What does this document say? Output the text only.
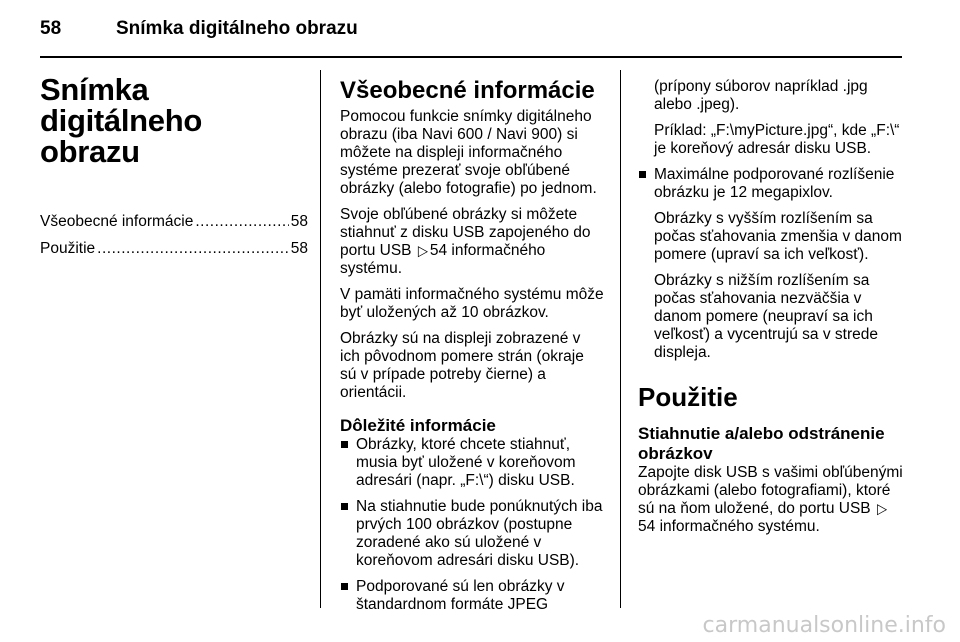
58	Snímka digitálneho obrazu
Snímka digitálneho obrazu
Všeobecné informácie .....	58
Použitie .....	58
Všeobecné informácie

Pomocou funkcie snímky digitálneho obrazu (iba Navi 600 / Navi 900) si môžete na displeji informačného systéme prezerať svoje obľúbené obrázky (alebo fotografie) po jednom.

Svoje obľúbené obrázky si môžete stiahnuť z disku USB zapojeného do portu USB ▷ 54 informačného systému.

V pamäti informačného systému môže byť uložených až 10 obrázkov.

Obrázky sú na displeji zobrazené v ich pôvodnom pomere strán (okraje sú v prípade potreby čierne) a orientácii.

Dôležité informácie
Obrázky, ktoré chcete stiahnuť, musia byť uložené v koreňovom adresári (napr. „F:\“) disku USB.
Na stiahnutie bude ponúknutých iba prvých 100 obrázkov (postupne zoradené ako sú uložené v koreňovom adresári disku USB).
Podporované sú len obrázky v štandardnom formáte JPEG

(prípony súborov napríklad .jpg alebo .jpeg).

Príklad: „F:\myPicture.jpg“, kde „F:\“ je koreňový adresár disku USB.

Maximálne podporované rozlíšenie obrázku je 12 megapixlov.

Obrázky s vyšším rozlíšením sa počas sťahovania zmenšia v danom pomere (upraví sa ich veľkosť).

Obrázky s nižším rozlíšením sa počas sťahovania nezväčšia v danom pomere (neupraví sa ich veľkosť) a vycentrujú sa v strede displeja.

Použitie
Stiahnutie a/alebo odstránenie obrázkov

Zapojte disk USB s vašimi obľúbenými obrázkami (alebo fotografiami), ktoré sú na ňom uložené, do portu USB ▷54 informačného systému.

carmanualsonline.info
